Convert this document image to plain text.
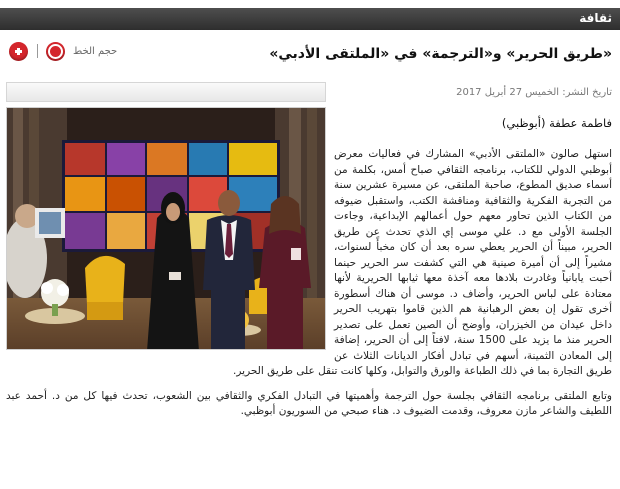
ثقافة
حجم الخط	«طريق الحرير» و«الترجمة» في «الملتقى الأدبي»
تاريخ النشر: الخميس 27 أبريل 2017
فاطمة عطفة (أبوظبي)

استهل صالون «الملتقى الأدبي» المشارك في فعاليات معرض أبوظبي الدولي للكتاب، برنامجه الثقافي صباح أمس، بكلمة من أسماء صديق المطوع، صاحبة الملتقى، عن مسيرة عشرين سنة من التجربة الفكرية والثقافية ومناقشة الكتب، واستقبل ضيوفه من الكتاب الذين تحاور معهم حول أعمالهم الإبداعية، وجاءت الجلسة الأولى مع د. علي موسى إي الذي تحدث عن طريق الحرير، مبيناً أن الحرير يعطي سره بعد أن كان مخبأً لسنوات، مشيراً إلى أن أميرة صينية هي التي كشفت سر الحرير حينما أحبت يابانياً وغادرت بلادها معه آخذة معها ثيابها الحريرية لأنها معتادة على لباس الحرير، وأضاف د. موسى أن هناك أسطورة أخرى تقول إن بعض الرهبانية هم الذين قاموا بتهريب الحرير داخل عيدان من الخيزران، وأوضح أن الصين تعمل على تصدير الحرير منذ ما يزيد على 1500 سنة، لافتاً إلى أن الحرير، إضافة إلى المعادن الثمينة، أسهم في تبادل أفكار الديانات الثلاث عن طريق التجارة بما في ذلك الطباعة والورق والتوابل، وكلها كانت تنقل على طريق الحرير.

وتابع الملتقى برنامجه الثقافي بجلسة حول الترجمة وأهميتها في التبادل الفكري والثقافي بين الشعوب، تحدث فيها كل من د. أحمد عبد اللطيف والشاعر مازن معروف، وقدمت الضيوف د. هناء صبحي من السوريون أبوظبي.
